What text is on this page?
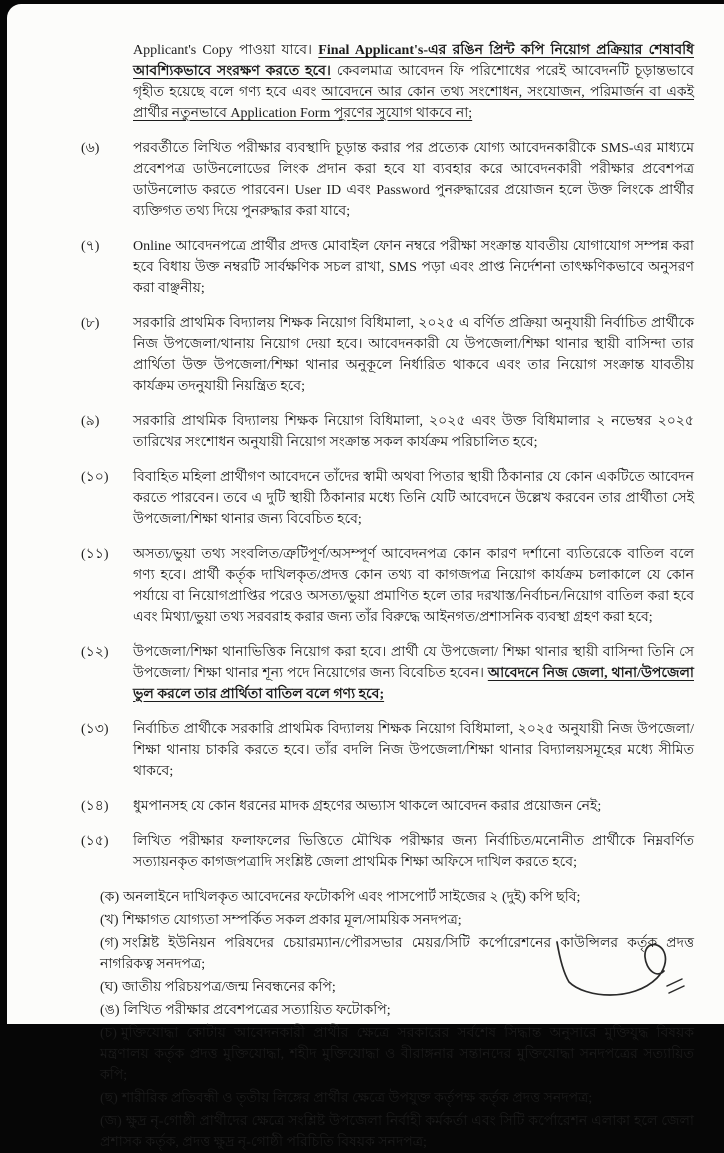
Applicant's Copy পাওয়া যাবে। Final Applicant's-এর রঙিন প্রিন্ট কপি নিয়োগ প্রক্রিয়ার শেষাবধি আবশ্যিকভাবে সংরক্ষণ করতে হবে। কেবলমাত্র আবেদন ফি পরিশোধের পরেই আবেদনটি চূড়ান্তভাবে গৃহীত হয়েছে বলে গণ্য হবে এবং আবেদনে আর কোন তথ্য সংশোধন, সংযোজন, পরিমার্জন বা একই প্রার্থীর নতুনভাবে Application Form পূরণের সুযোগ থাকবে না;

(৬)	পরবর্তীতে লিখিত পরীক্ষার ব্যবস্থাদি চূড়ান্ত করার পর প্রত্যেক যোগ্য আবেদনকারীকে SMS-এর মাধ্যমে প্রবেশপত্র ডাউনলোডের লিংক প্রদান করা হবে যা ব্যবহার করে আবেদনকারী পরীক্ষার প্রবেশপত্র ডাউনলোড করতে পারবেন। User ID এবং Password পুনরুদ্ধারের প্রয়োজন হলে উক্ত লিংকে প্রার্থীর ব্যক্তিগত তথ্য দিয়ে পুনরুদ্ধার করা যাবে;
(৭)	Online আবেদনপত্রে প্রার্থীর প্রদত্ত মোবাইল ফোন নম্বরে পরীক্ষা সংক্রান্ত যাবতীয় যোগাযোগ সম্পন্ন করা হবে বিধায় উক্ত নম্বরটি সার্বক্ষণিক সচল রাখা, SMS পড়া এবং প্রাপ্ত নির্দেশনা তাৎক্ষণিকভাবে অনুসরণ করা বাঞ্ছনীয়;
(৮)	সরকারি প্রাথমিক বিদ্যালয় শিক্ষক নিয়োগ বিধিমালা, ২০২৫ এ বর্ণিত প্রক্রিয়া অনুযায়ী নির্বাচিত প্রার্থীকে নিজ উপজেলা/থানায় নিয়োগ দেয়া হবে। আবেদনকারী যে উপজেলা/শিক্ষা থানার স্থায়ী বাসিন্দা তার প্রার্থিতা উক্ত উপজেলা/শিক্ষা থানার অনুকূলে নির্ধারিত থাকবে এবং তার নিয়োগ সংক্রান্ত যাবতীয় কার্যক্রম তদনুযায়ী নিয়ন্ত্রিত হবে;
(৯)	সরকারি প্রাথমিক বিদ্যালয় শিক্ষক নিয়োগ বিধিমালা, ২০২৫ এবং উক্ত বিধিমালার ২ নভেম্বর ২০২৫ তারিখের সংশোধন অনুযায়ী নিয়োগ সংক্রান্ত সকল কার্যক্রম পরিচালিত হবে;
(১০)	বিবাহিত মহিলা প্রার্থীগণ আবেদনে তাঁদের স্বামী অথবা পিতার স্থায়ী ঠিকানার যে কোন একটিতে আবেদন করতে পারবেন। তবে এ দুটি স্থায়ী ঠিকানার মধ্যে তিনি যেটি আবেদনে উল্লেখ করবেন তার প্রার্থীতা সেই উপজেলা/শিক্ষা থানার জন্য বিবেচিত হবে;
(১১)	অসত্য/ভুয়া তথ্য সংবলিত/ত্রুটিপূর্ণ/অসম্পূর্ণ আবেদনপত্র কোন কারণ দর্শানো ব্যতিরেকে বাতিল বলে গণ্য হবে। প্রার্থী কর্তৃক দাখিলকৃত/প্রদত্ত কোন তথ্য বা কাগজপত্র নিয়োগ কার্যক্রম চলাকালে যে কোন পর্যায়ে বা নিয়োগপ্রাপ্তির পরেও অসত্য/ভুয়া প্রমাণিত হলে তার দরখাস্ত/নির্বাচন/নিয়োগ বাতিল করা হবে এবং মিথ্যা/ভুয়া তথ্য সরবরাহ করার জন্য তাঁর বিরুদ্ধে আইনগত/প্রশাসনিক ব্যবস্থা গ্রহণ করা হবে;
(১২)	উপজেলা/শিক্ষা থানাভিত্তিক নিয়োগ করা হবে। প্রার্থী যে উপজেলা/ শিক্ষা থানার স্থায়ী বাসিন্দা তিনি সে উপজেলা/ শিক্ষা থানার শূন্য পদে নিয়োগের জন্য বিবেচিত হবেন। আবেদনে নিজ জেলা, থানা/উপজেলা ভুল করলে তার প্রার্থিতা বাতিল বলে গণ্য হবে;
(১৩)	নির্বাচিত প্রার্থীকে সরকারি প্রাথমিক বিদ্যালয় শিক্ষক নিয়োগ বিধিমালা, ২০২৫ অনুযায়ী নিজ উপজেলা/শিক্ষা থানায় চাকরি করতে হবে। তাঁর বদলি নিজ উপজেলা/শিক্ষা থানার বিদ্যালয়সমূহের মধ্যে সীমিত থাকবে;
(১৪)	ধুমপানসহ যে কোন ধরনের মাদক গ্রহণের অভ্যাস থাকলে আবেদন করার প্রয়োজন নেই;
(১৫)	লিখিত পরীক্ষার ফলাফলের ভিত্তিতে মৌখিক পরীক্ষার জন্য নির্বাচিত/মনোনীত প্রার্থীকে নিম্নবর্ণিত সত্যায়নকৃত কাগজপত্রাদি সংশ্লিষ্ট জেলা প্রাথমিক শিক্ষা অফিসে দাখিল করতে হবে;

(ক) অনলাইনে দাখিলকৃত আবেদনের ফটোকপি এবং পাসপোর্ট সাইজের ২ (দুই) কপি ছবি;

(খ) শিক্ষাগত যোগ্যতা সম্পর্কিত সকল প্রকার মূল/সাময়িক সনদপত্র;

(গ) সংশ্লিষ্ট ইউনিয়ন পরিষদের চেয়ারম্যান/পৌরসভার মেয়র/সিটি কর্পোরেশনের কাউন্সিলর কর্তৃক প্রদত্ত নাগরিকত্ব সনদপত্র;

(ঘ) জাতীয় পরিচয়পত্র/জন্ম নিবন্ধনের কপি;

(ঙ) লিখিত পরীক্ষার প্রবেশপত্রের সত্যায়িত ফটোকপি;

(চ) মুক্তিযোদ্ধা কোটায় আবেদনকারী প্রার্থীর ক্ষেত্রে সরকারের সর্বশেষ সিদ্ধান্ত অনুসারে মুক্তিযুদ্ধ বিষয়ক মন্ত্রণালয় কর্তৃক প্রদত্ত মুক্তিযোদ্ধা, শহীদ মুক্তিযোদ্ধা ও বীরাঙ্গনার সন্তানদের মুক্তিযোদ্ধা সনদপত্রের সত্যায়িত কপি;

(ছ) শারীরিক প্রতিবন্ধী ও তৃতীয় লিঙ্গের প্রার্থীর ক্ষেত্রে উপযুক্ত কর্তৃপক্ষ কর্তৃক প্রদত্ত সনদপত্র;

(জ) ক্ষুদ্র নৃ-গোষ্ঠী প্রার্থীদের ক্ষেত্রে সংশ্লিষ্ট উপজেলা নির্বাহী কর্মকর্তা এবং সিটি কর্পোরেশন এলাকা হলে জেলা প্রশাসক কর্তৃক, প্রদত্ত ক্ষুদ্র নৃ-গোষ্ঠী পরিচিতি বিষয়ক সনদপত্র;
